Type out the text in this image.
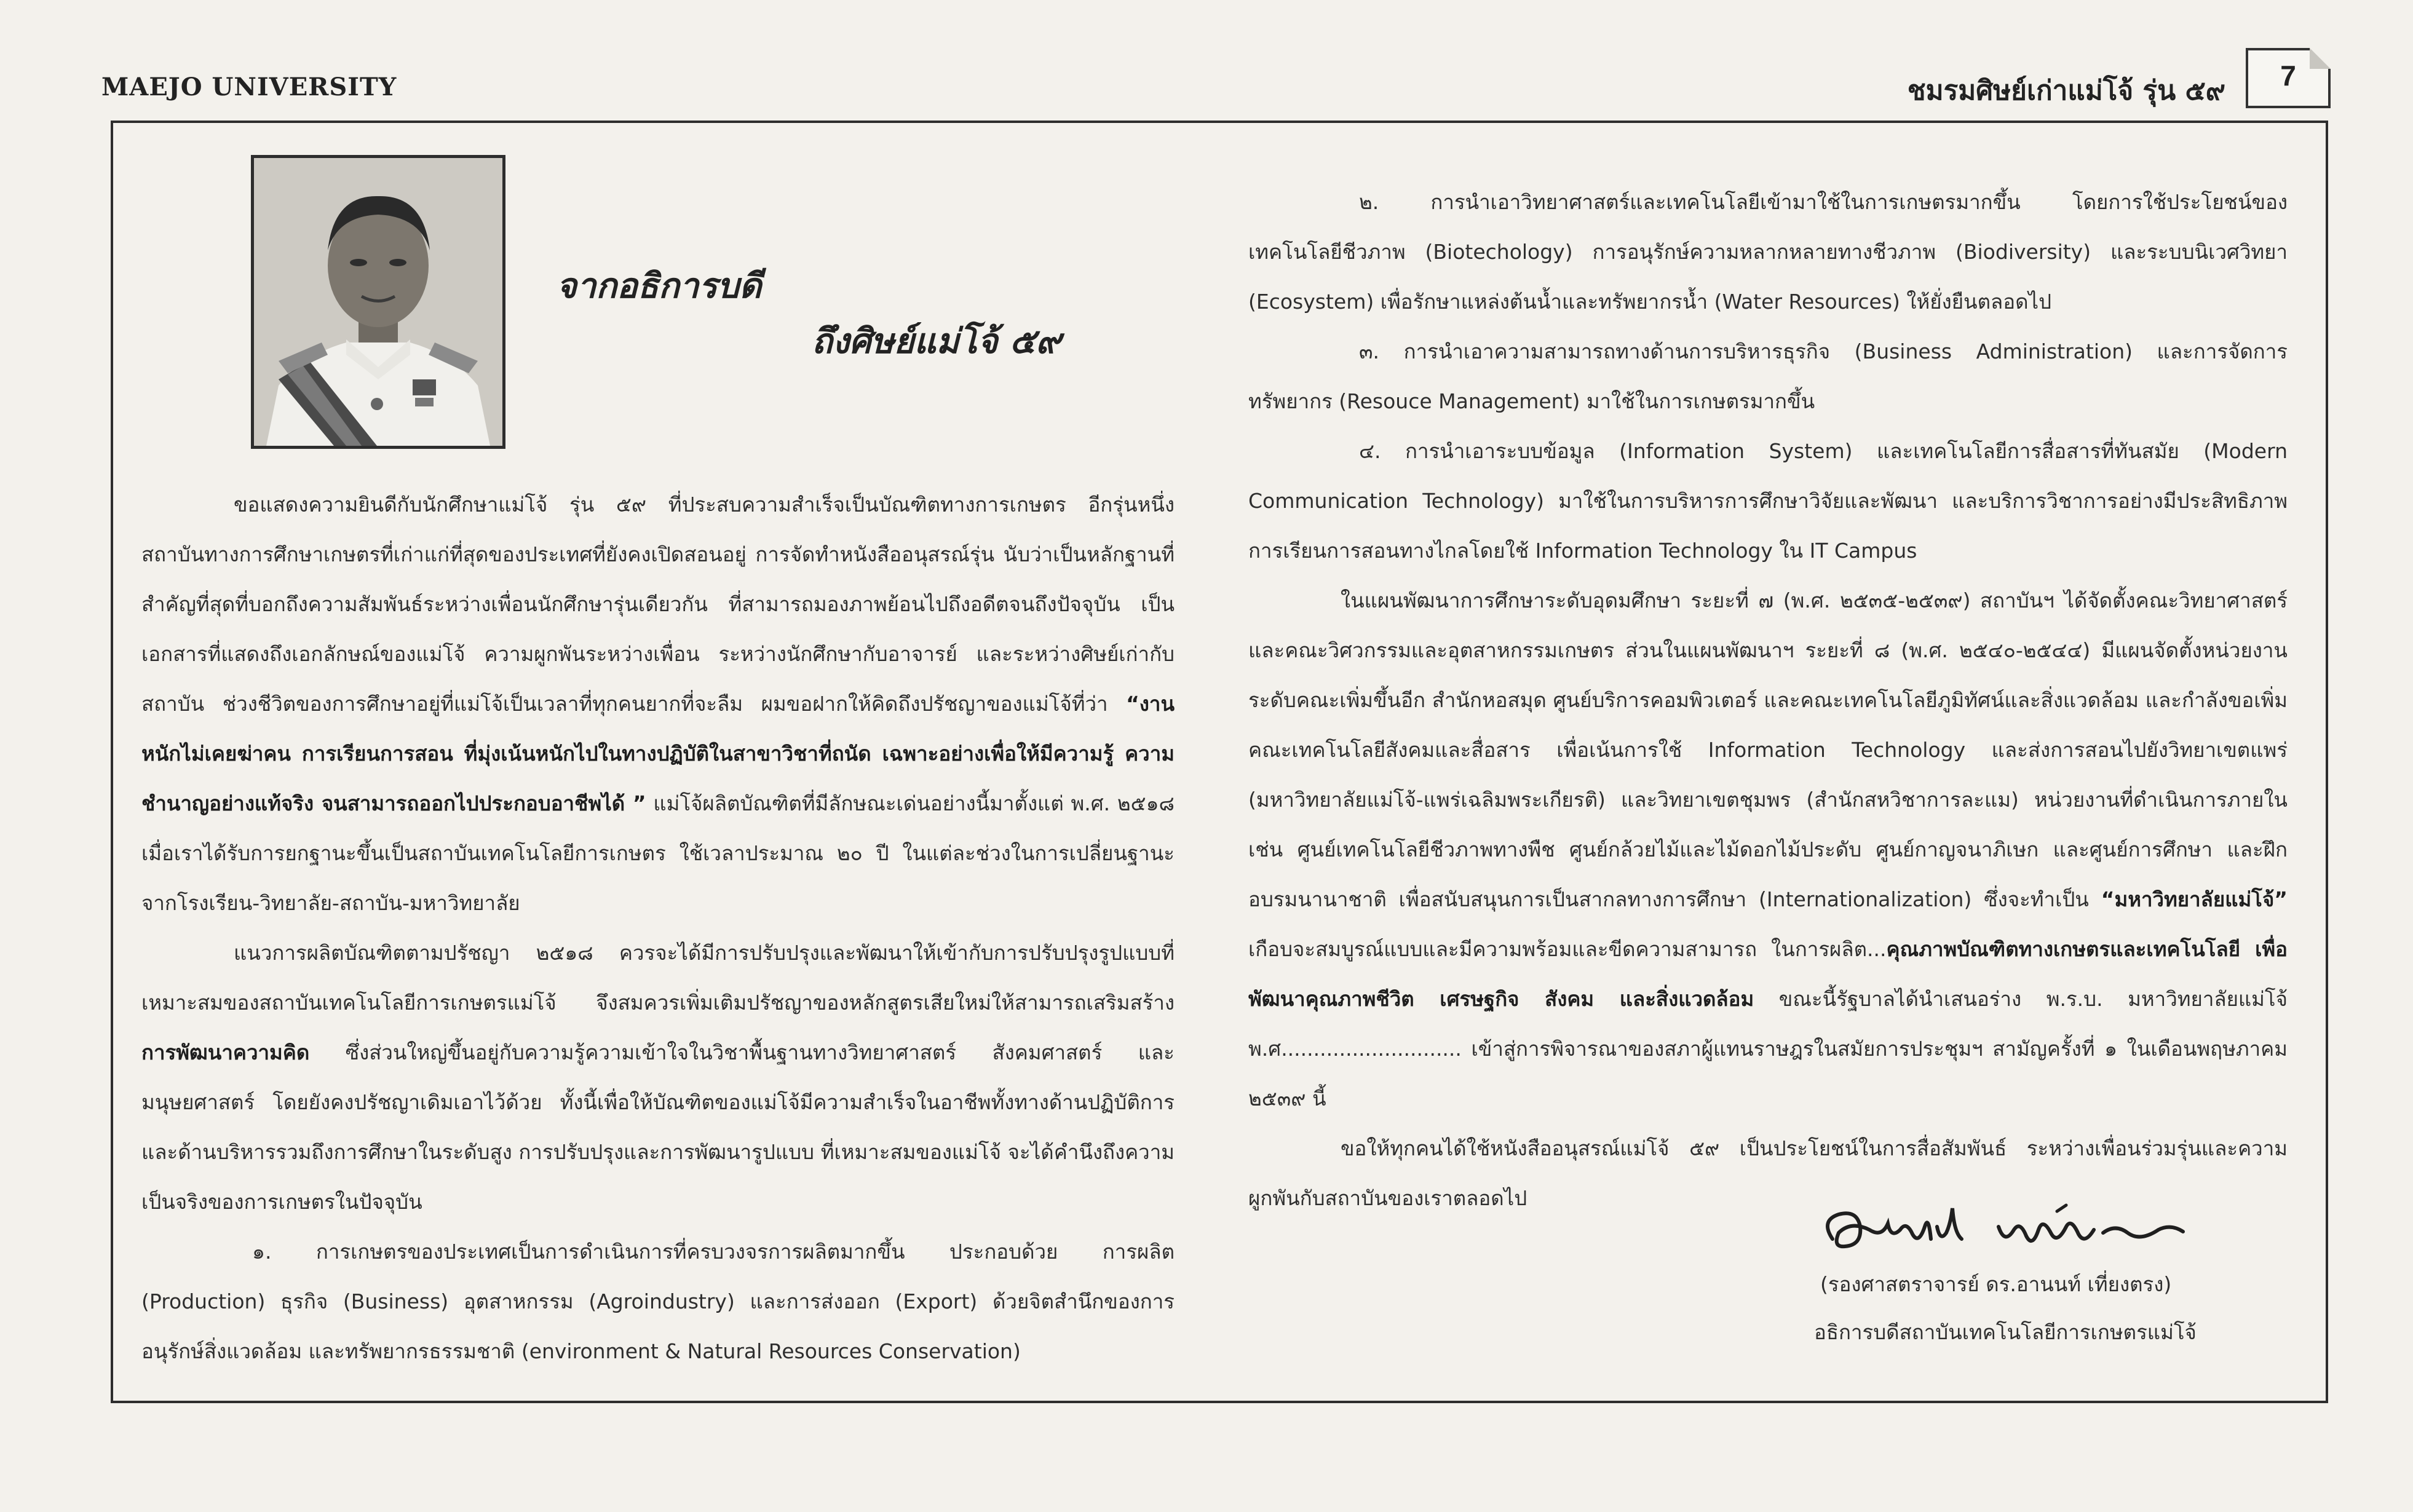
MAEJO UNIVERSITY	ชมรมศิษย์เก่าแม่โจ้ รุ่น ๕๙	7
จากอธิการบดี
ถึงศิษย์แม่โจ้ ๕๙

ขอแสดงความยินดีกับนักศึกษาแม่โจ้ รุ่น ๕๙ ที่ประสบความสำเร็จเป็นบัณฑิตทางการเกษตร อีกรุ่นหนึ่ง สถาบันทางการศึกษาเกษตรที่เก่าแก่ที่สุดของประเทศที่ยังคงเปิดสอนอยู่ การจัดทำหนังสืออนุสรณ์รุ่น นับว่าเป็นหลักฐานที่สำคัญที่สุดที่บอกถึงความสัมพันธ์ระหว่างเพื่อนนักศึกษารุ่นเดียวกัน ที่สามารถมองภาพย้อนไปถึงอดีตจนถึงปัจจุบัน เป็นเอกสารที่แสดงถึงเอกลักษณ์ของแม่โจ้ ความผูกพันระหว่างเพื่อน ระหว่างนักศึกษากับอาจารย์ และระหว่างศิษย์เก่ากับสถาบัน ช่วงชีวิตของการศึกษาอยู่ที่แม่โจ้เป็นเวลาที่ทุกคนยากที่จะลืม ผมขอฝากให้คิดถึงปรัชญาของแม่โจ้ที่ว่า “งานหนักไม่เคยฆ่าคน การเรียนการสอน ที่มุ่งเน้นหนักไปในทางปฏิบัติในสาขาวิชาที่ถนัด เฉพาะอย่างเพื่อให้มีความรู้ ความชำนาญอย่างแท้จริง จนสามารถออกไปประกอบอาชีพได้ ” แม่โจ้ผลิตบัณฑิตที่มีลักษณะเด่นอย่างนี้มาตั้งแต่ พ.ศ. ๒๕๑๘ เมื่อเราได้รับการยกฐานะขึ้นเป็นสถาบันเทคโนโลยีการเกษตร ใช้เวลาประมาณ ๒๐ ปี ในแต่ละช่วงในการเปลี่ยนฐานะจากโรงเรียน-วิทยาลัย-สถาบัน-มหาวิทยาลัย

แนวการผลิตบัณฑิตตามปรัชญา ๒๕๑๘ ควรจะได้มีการปรับปรุงและพัฒนาให้เข้ากับการปรับปรุงรูปแบบที่เหมาะสมของสถาบันเทคโนโลยีการเกษตรแม่โจ้ จึงสมควรเพิ่มเติมปรัชญาของหลักสูตรเสียใหม่ให้สามารถเสริมสร้างการพัฒนาความคิด ซึ่งส่วนใหญ่ขึ้นอยู่กับความรู้ความเข้าใจในวิชาพื้นฐานทางวิทยาศาสตร์ สังคมศาสตร์ และมนุษยศาสตร์ โดยยังคงปรัชญาเดิมเอาไว้ด้วย ทั้งนี้เพื่อให้บัณฑิตของแม่โจ้มีความสำเร็จในอาชีพทั้งทางด้านปฏิบัติการและด้านบริหารรวมถึงการศึกษาในระดับสูง การปรับปรุงและการพัฒนารูปแบบ ที่เหมาะสมของแม่โจ้ จะได้คำนึงถึงความเป็นจริงของการเกษตรในปัจจุบัน

๑. การเกษตรของประเทศเป็นการดำเนินการที่ครบวงจรการผลิตมากขึ้น ประกอบด้วย การผลิต (Production) ธุรกิจ (Business) อุตสาหกรรม (Agroindustry) และการส่งออก (Export) ด้วยจิตสำนึกของการอนุรักษ์สิ่งแวดล้อม และทรัพยากรธรรมชาติ (environment & Natural Resources Conservation)

๒. การนำเอาวิทยาศาสตร์และเทคโนโลยีเข้ามาใช้ในการเกษตรมากขึ้น โดยการใช้ประโยชน์ของเทคโนโลยีชีวภาพ (Biotechology) การอนุรักษ์ความหลากหลายทางชีวภาพ (Biodiversity) และระบบนิเวศวิทยา (Ecosystem) เพื่อรักษาแหล่งต้นน้ำและทรัพยากรน้ำ (Water Resources) ให้ยั่งยืนตลอดไป

๓. การนำเอาความสามารถทางด้านการบริหารธุรกิจ (Business Administration) และการจัดการทรัพยากร (Resouce Management) มาใช้ในการเกษตรมากขึ้น

๔. การนำเอาระบบข้อมูล (Information System) และเทคโนโลยีการสื่อสารที่ทันสมัย (Modern Communication Technology) มาใช้ในการบริหารการศึกษาวิจัยและพัฒนา และบริการวิชาการอย่างมีประสิทธิภาพ การเรียนการสอนทางไกลโดยใช้ Information Technology ใน IT Campus

ในแผนพัฒนาการศึกษาระดับอุดมศึกษา ระยะที่ ๗ (พ.ศ. ๒๕๓๕-๒๕๓๙) สถาบันฯ ได้จัดตั้งคณะวิทยาศาสตร์ และคณะวิศวกรรมและอุตสาหกรรมเกษตร ส่วนในแผนพัฒนาฯ ระยะที่ ๘ (พ.ศ. ๒๕๔๐-๒๕๔๔) มีแผนจัดตั้งหน่วยงานระดับคณะเพิ่มขึ้นอีก สำนักหอสมุด ศูนย์บริการคอมพิวเตอร์ และคณะเทคโนโลยีภูมิทัศน์และสิ่งแวดล้อม และกำลังขอเพิ่มคณะเทคโนโลยีสังคมและสื่อสาร เพื่อเน้นการใช้ Information Technology และส่งการสอนไปยังวิทยาเขตแพร่ (มหาวิทยาลัยแม่โจ้-แพร่เฉลิมพระเกียรติ) และวิทยาเขตชุมพร (สำนักสหวิชาการละแม) หน่วยงานที่ดำเนินการภายในเช่น ศูนย์เทคโนโลยีชีวภาพทางพืช ศูนย์กล้วยไม้และไม้ดอกไม้ประดับ ศูนย์กาญจนาภิเษก และศูนย์การศึกษา และฝึกอบรมนานาชาติ เพื่อสนับสนุนการเป็นสากลทางการศึกษา (Internationalization) ซึ่งจะทำเป็น “มหาวิทยาลัยแม่โจ้” เกือบจะสมบูรณ์แบบและมีความพร้อมและขีดความสามารถ ในการผลิต...คุณภาพบัณฑิตทางเกษตรและเทคโนโลยี เพื่อพัฒนาคุณภาพชีวิต เศรษฐกิจ สังคม และสิ่งแวดล้อม ขณะนี้รัฐบาลได้นำเสนอร่าง พ.ร.บ. มหาวิทยาลัยแม่โจ้ พ.ศ............................ เข้าสู่การพิจารณาของสภาผู้แทนราษฎรในสมัยการประชุมฯ สามัญครั้งที่ ๑ ในเดือนพฤษภาคม ๒๕๓๙ นี้

ขอให้ทุกคนได้ใช้หนังสืออนุสรณ์แม่โจ้ ๕๙ เป็นประโยชน์ในการสื่อสัมพันธ์ ระหว่างเพื่อนร่วมรุ่นและความผูกพันกับสถาบันของเราตลอดไป

(รองศาสตราจารย์ ดร.อานนท์ เที่ยงตรง)
อธิการบดีสถาบันเทคโนโลยีการเกษตรแม่โจ้
